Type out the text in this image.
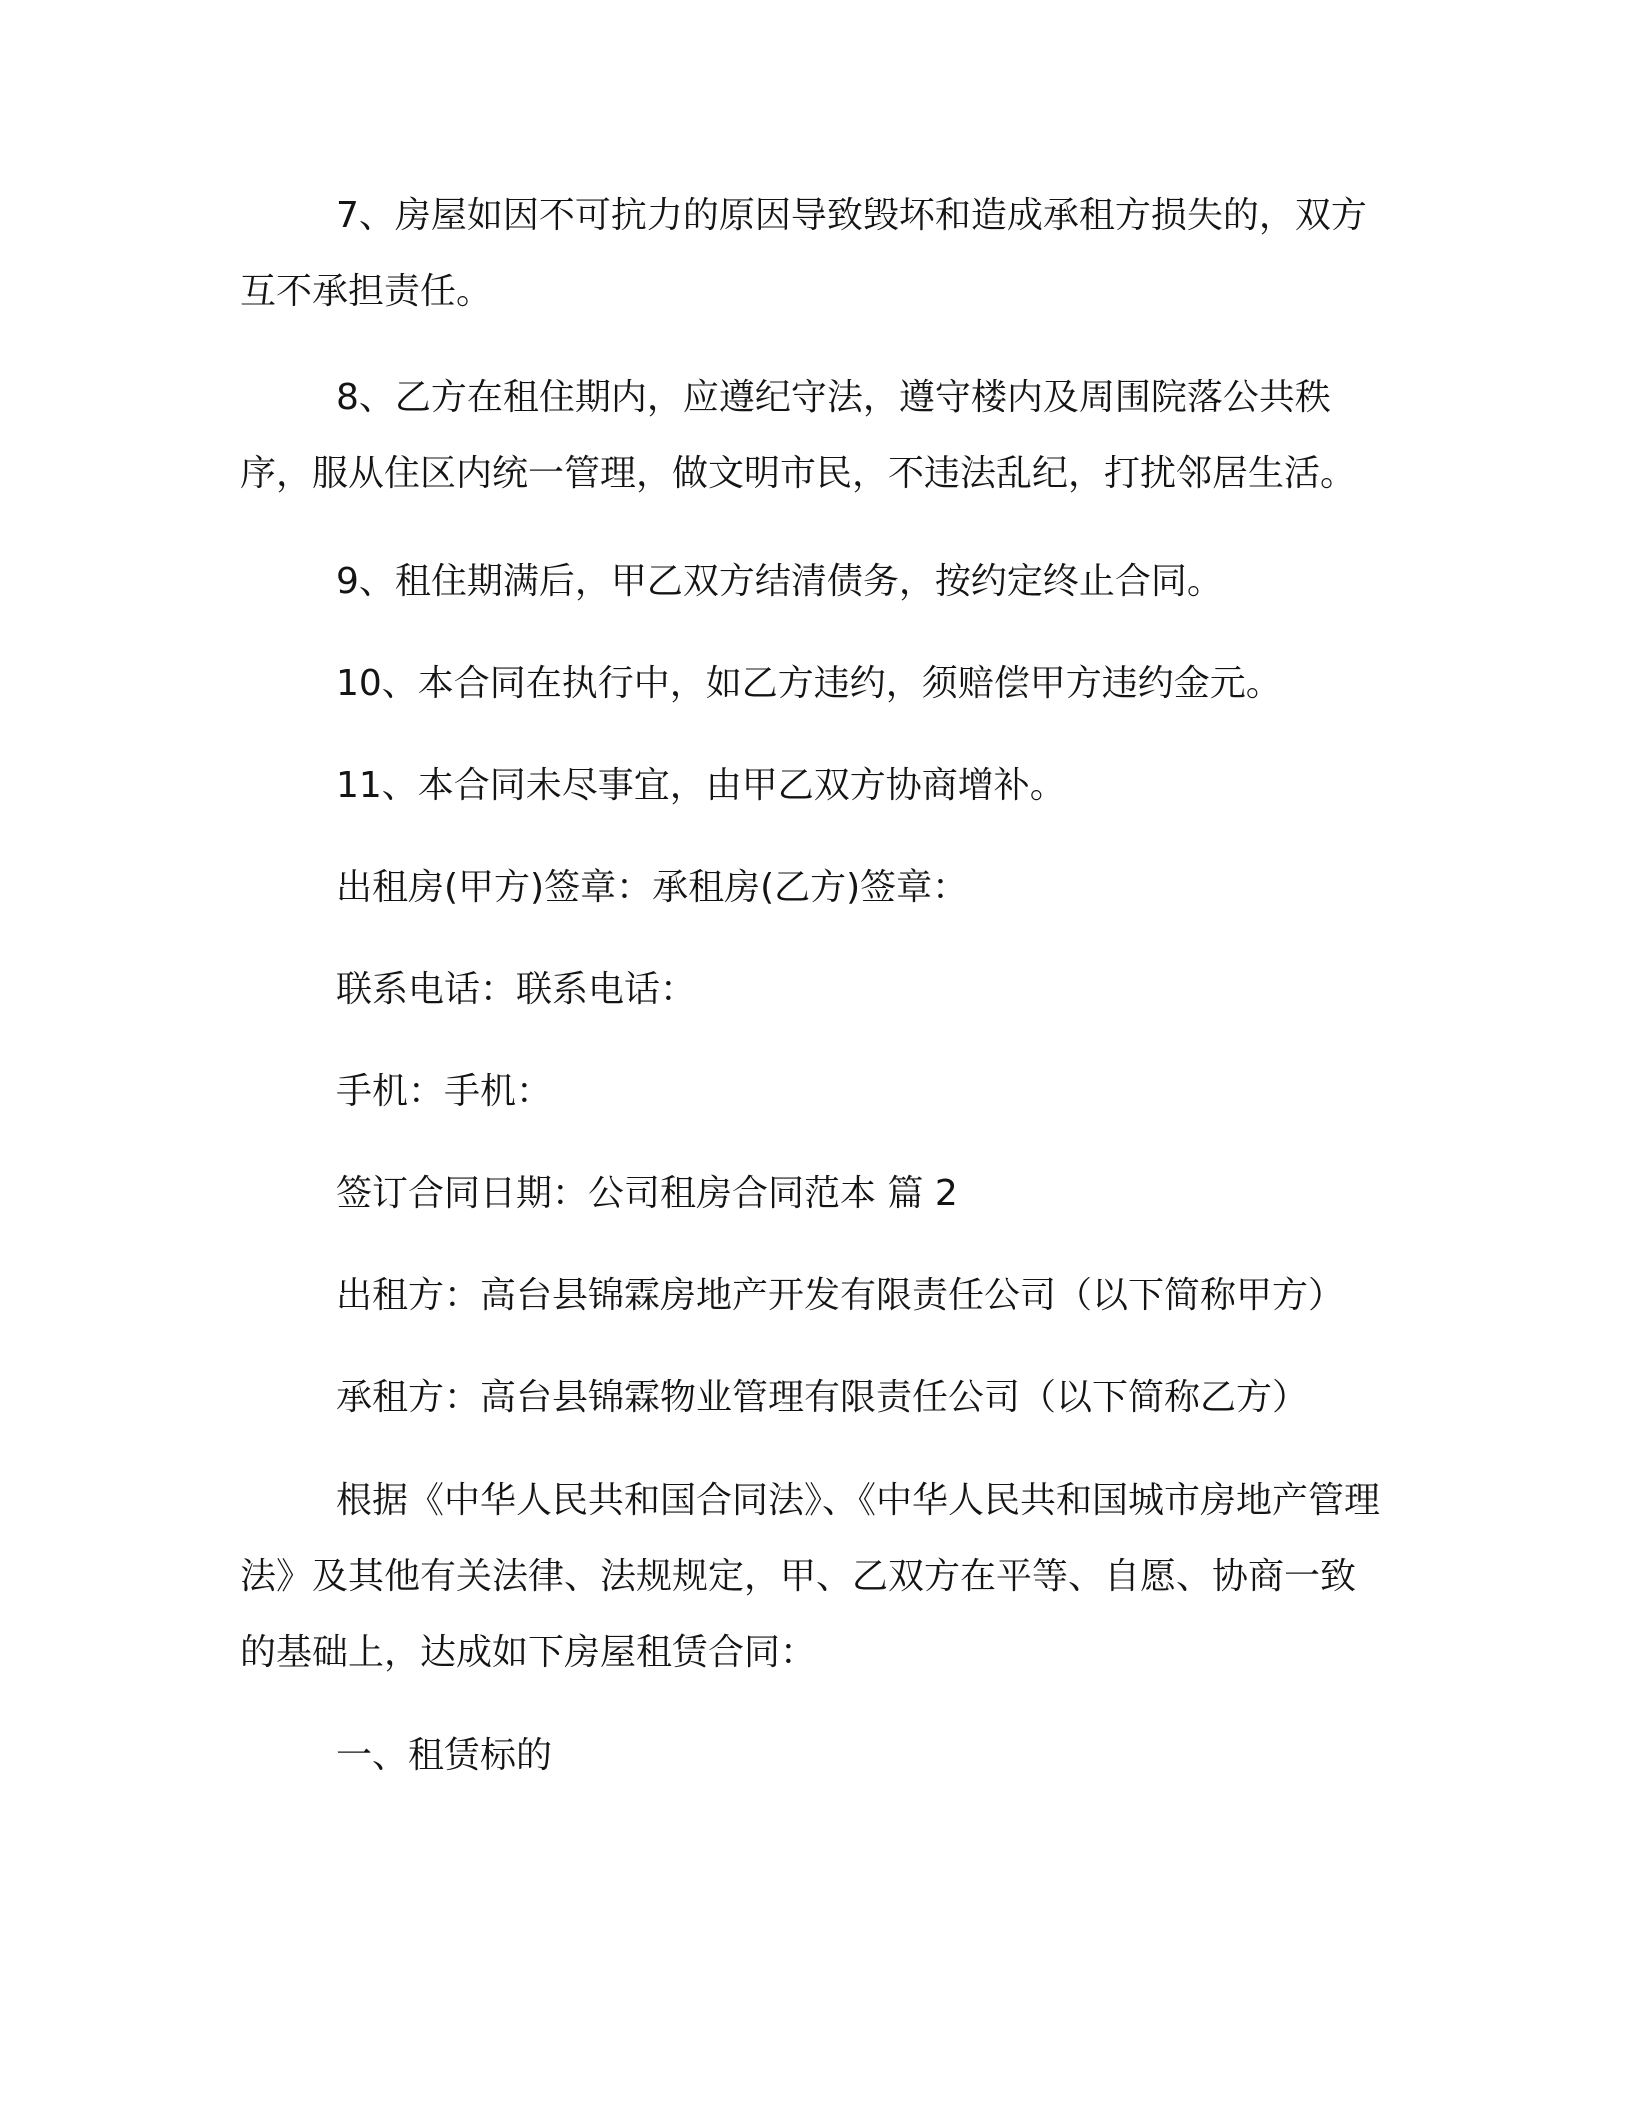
7、房屋如因不可抗力的原因导致毁坏和造成承租方损失的，双方互不承担责任。

8、乙方在租住期内，应遵纪守法，遵守楼内及周围院落公共秩序，服从住区内统一管理，做文明市民，不违法乱纪，打扰邻居生活。

9、租住期满后，甲乙双方结清债务，按约定终止合同。

10、本合同在执行中，如乙方违约，须赔偿甲方违约金元。

11、本合同未尽事宜，由甲乙双方协商增补。

出租房(甲方)签章：承租房(乙方)签章：

联系电话：联系电话：

手机：手机：

签订合同日期：公司租房合同范本 篇 2

出租方：高台县锦霖房地产开发有限责任公司（以下简称甲方）

承租方：高台县锦霖物业管理有限责任公司（以下简称乙方）

根据《中华人民共和国合同法》、《中华人民共和国城市房地产管理法》及其他有关法律、法规规定，甲、乙双方在平等、自愿、协商一致的基础上，达成如下房屋租赁合同：

一、租赁标的
